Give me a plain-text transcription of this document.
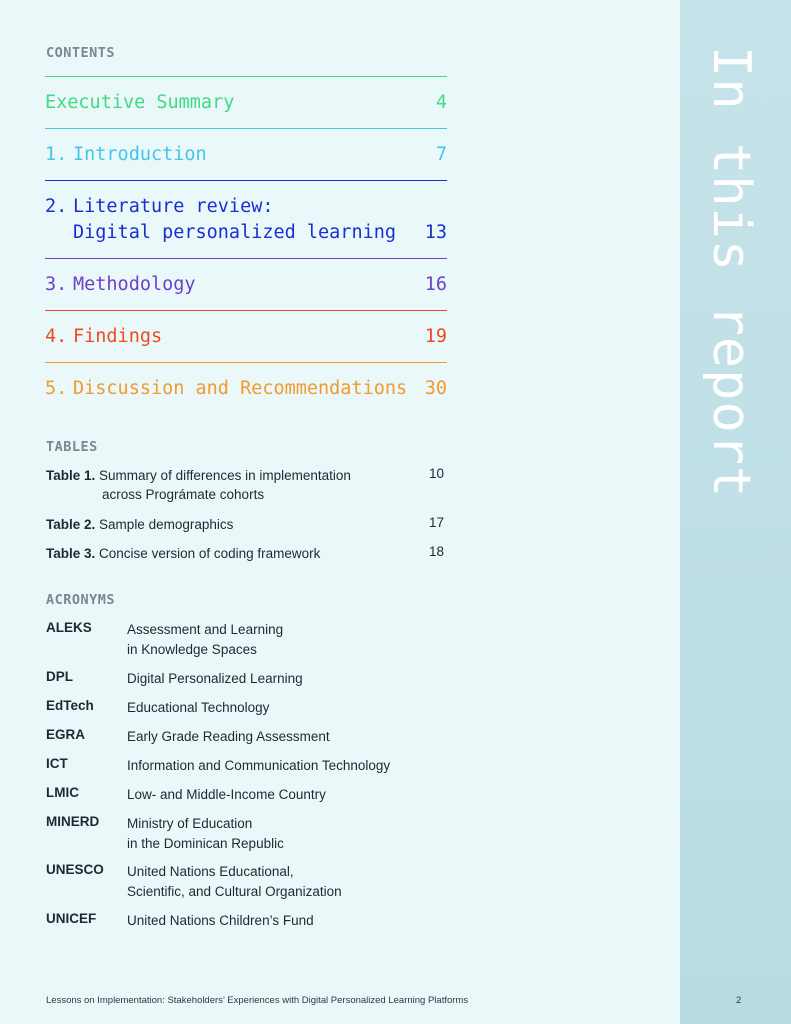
In this report
CONTENTS
Executive Summary	4
1. Introduction	7
2. Literature review:
Digital personalized learning 13
3. Methodology	16
4. Findings	19
5. Discussion and Recommendations 30
TABLES
Table 1. Summary of differences in implementation
across Prográmate cohorts
10
Table 2. Sample demographics	17
Table 3. Concise version of coding framework	18
ACRONYMS
ALEKS	Assessment and Learning
in Knowledge Spaces
DPL	Digital Personalized Learning
EdTech Educational Technology
EGRA	Early Grade Reading Assessment
ICT	Information and Communication Technology
LMIC	Low- and Middle-Income Country
MINERD Ministry of Education
in the Dominican Republic
UNESCO United Nations Educational,
Scientific, and Cultural Organization
UNICEF United Nations Children’s Fund
Lessons on Implementation: Stakeholders’ Experiences with Digital Personalized Learning Platforms	2
